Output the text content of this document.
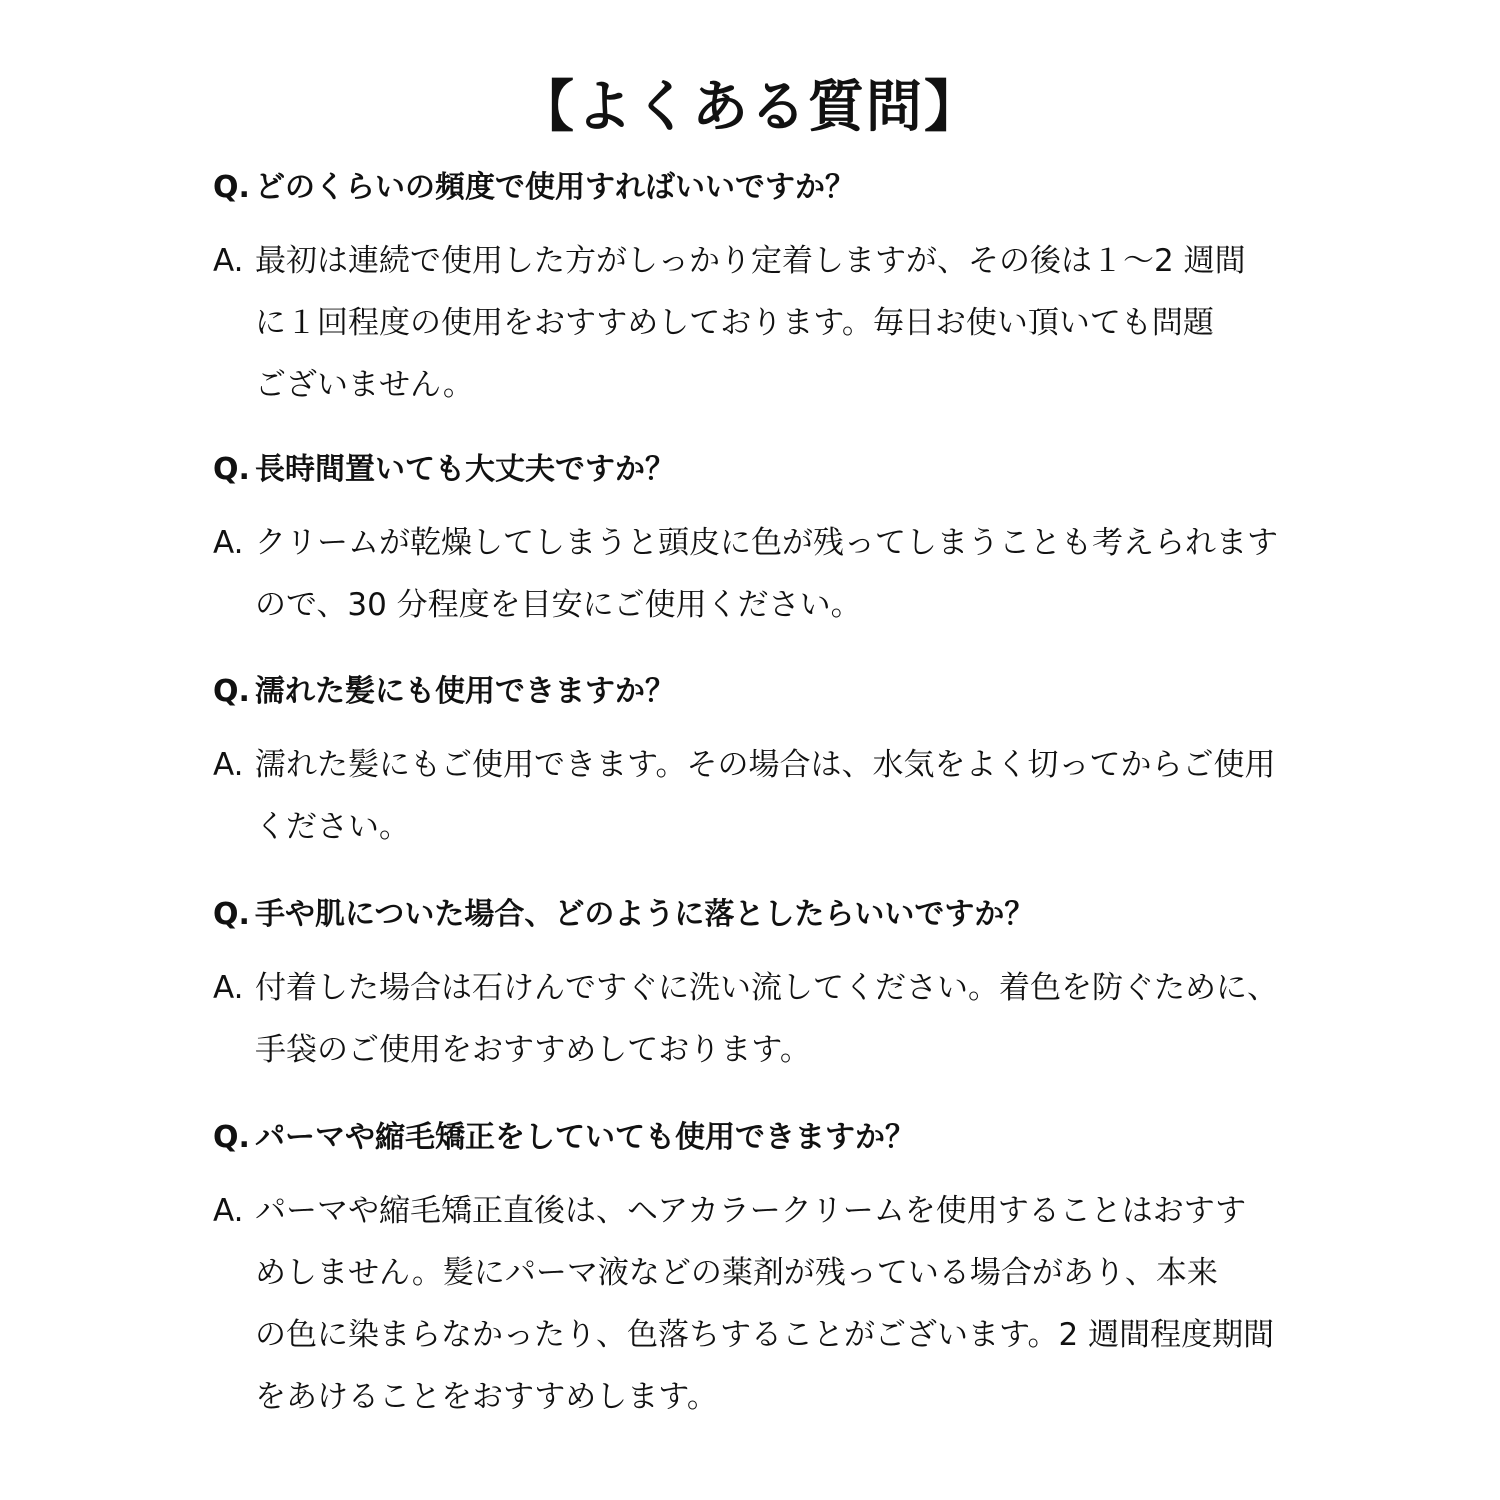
【よくある質問】
Q. どのくらいの頻度で使用すればいいですか？
A. 最初は連続で使用した方がしっかり定着しますが、その後は１～2 週間
に１回程度の使用をおすすめしております。毎日お使い頂いても問題
ございません。
Q. 長時間置いても大丈夫ですか？
A. クリームが乾燥してしまうと頭皮に色が残ってしまうことも考えられます
ので、30 分程度を目安にご使用ください。
Q. 濡れた髪にも使用できますか？
A. 濡れた髪にもご使用できます。その場合は、水気をよく切ってからご使用
ください。
Q. 手や肌についた場合、どのように落としたらいいですか？
A. 付着した場合は石けんですぐに洗い流してください。着色を防ぐために、
手袋のご使用をおすすめしております。
Q. パーマや縮毛矯正をしていても使用できますか？
A. パーマや縮毛矯正直後は、ヘアカラークリームを使用することはおすす
めしません。髪にパーマ液などの薬剤が残っている場合があり、本来
の色に染まらなかったり、色落ちすることがございます。2 週間程度期間
をあけることをおすすめします。
